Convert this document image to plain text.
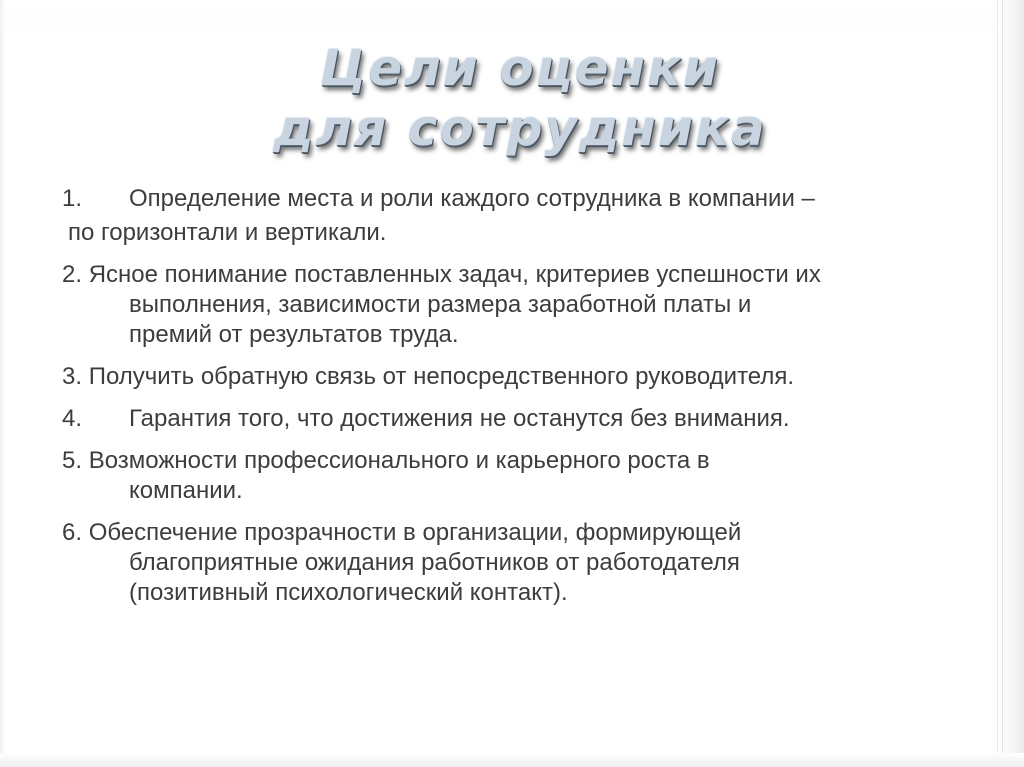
Цели оценки
для сотрудника
1. Определение места и роли каждого сотрудника в компании –
по горизонтали и вертикали.
2. Ясное понимание поставленных задач, критериев успешности их
выполнения, зависимости размера заработной платы и
премий от результатов труда.
3. Получить обратную связь от непосредственного руководителя.
4. Гарантия того, что достижения не останутся без внимания.
5. Возможности профессионального и карьерного роста в
компании.
6. Обеспечение прозрачности в организации, формирующей
благоприятные ожидания работников от работодателя
(позитивный психологический контакт).
